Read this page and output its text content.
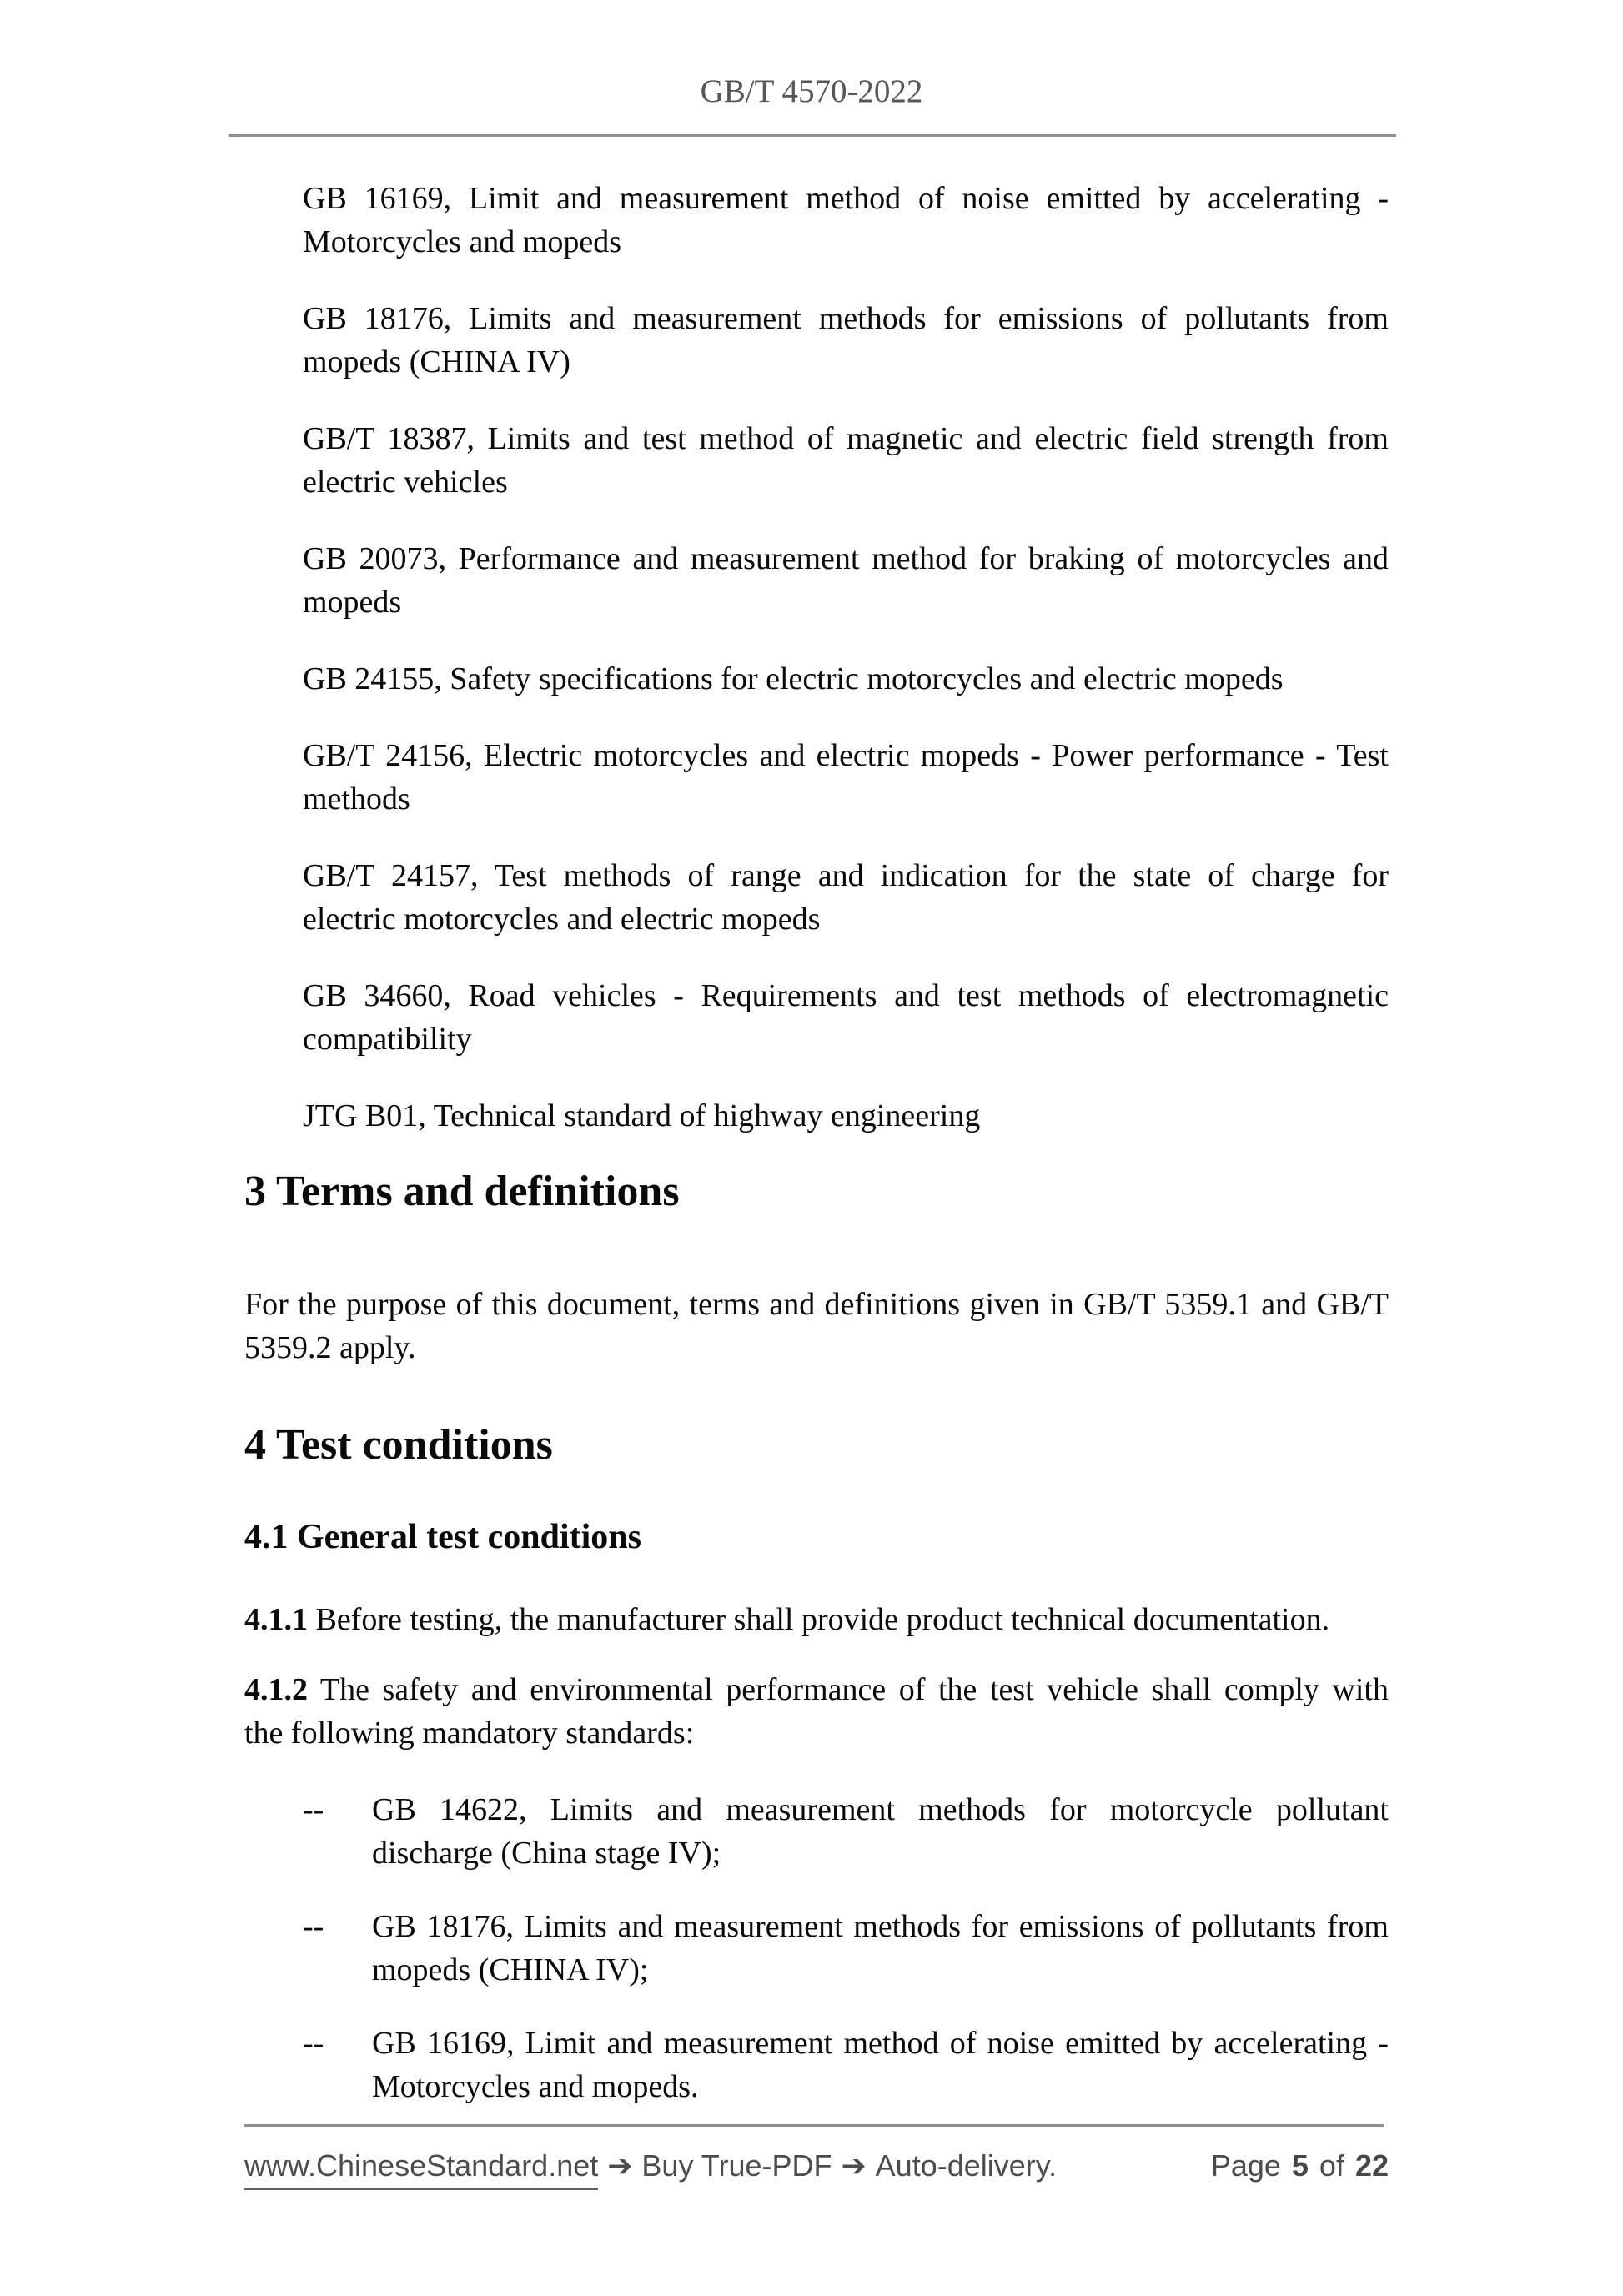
GB/T 4570-2022
GB 16169, Limit and measurement method of noise emitted by accelerating -
Motorcycles and mopeds
GB 18176, Limits and measurement methods for emissions of pollutants from
mopeds (CHINA IV)
GB/T 18387, Limits and test method of magnetic and electric field strength from
electric vehicles
GB 20073, Performance and measurement method for braking of motorcycles and
mopeds
GB 24155, Safety specifications for electric motorcycles and electric mopeds
GB/T 24156, Electric motorcycles and electric mopeds - Power performance - Test
methods
GB/T 24157, Test methods of range and indication for the state of charge for
electric motorcycles and electric mopeds
GB 34660, Road vehicles - Requirements and test methods of electromagnetic
compatibility
JTG B01, Technical standard of highway engineering
3 Terms and definitions
For the purpose of this document, terms and definitions given in GB/T 5359.1 and GB/T
5359.2 apply.
4 Test conditions
4.1 General test conditions
4.1.1 Before testing, the manufacturer shall provide product technical documentation.
4.1.2 The safety and environmental performance of the test vehicle shall comply with
the following mandatory standards:
--	GB 14622, Limits and measurement methods for motorcycle pollutant
discharge (China stage IV);
--	GB 18176, Limits and measurement methods for emissions of pollutants from
mopeds (CHINA IV);
--	GB 16169, Limit and measurement method of noise emitted by accelerating -
Motorcycles and mopeds.
www.ChineseStandard.net ➔ Buy True-PDF ➔ Auto-delivery.	Page 5 of 22
